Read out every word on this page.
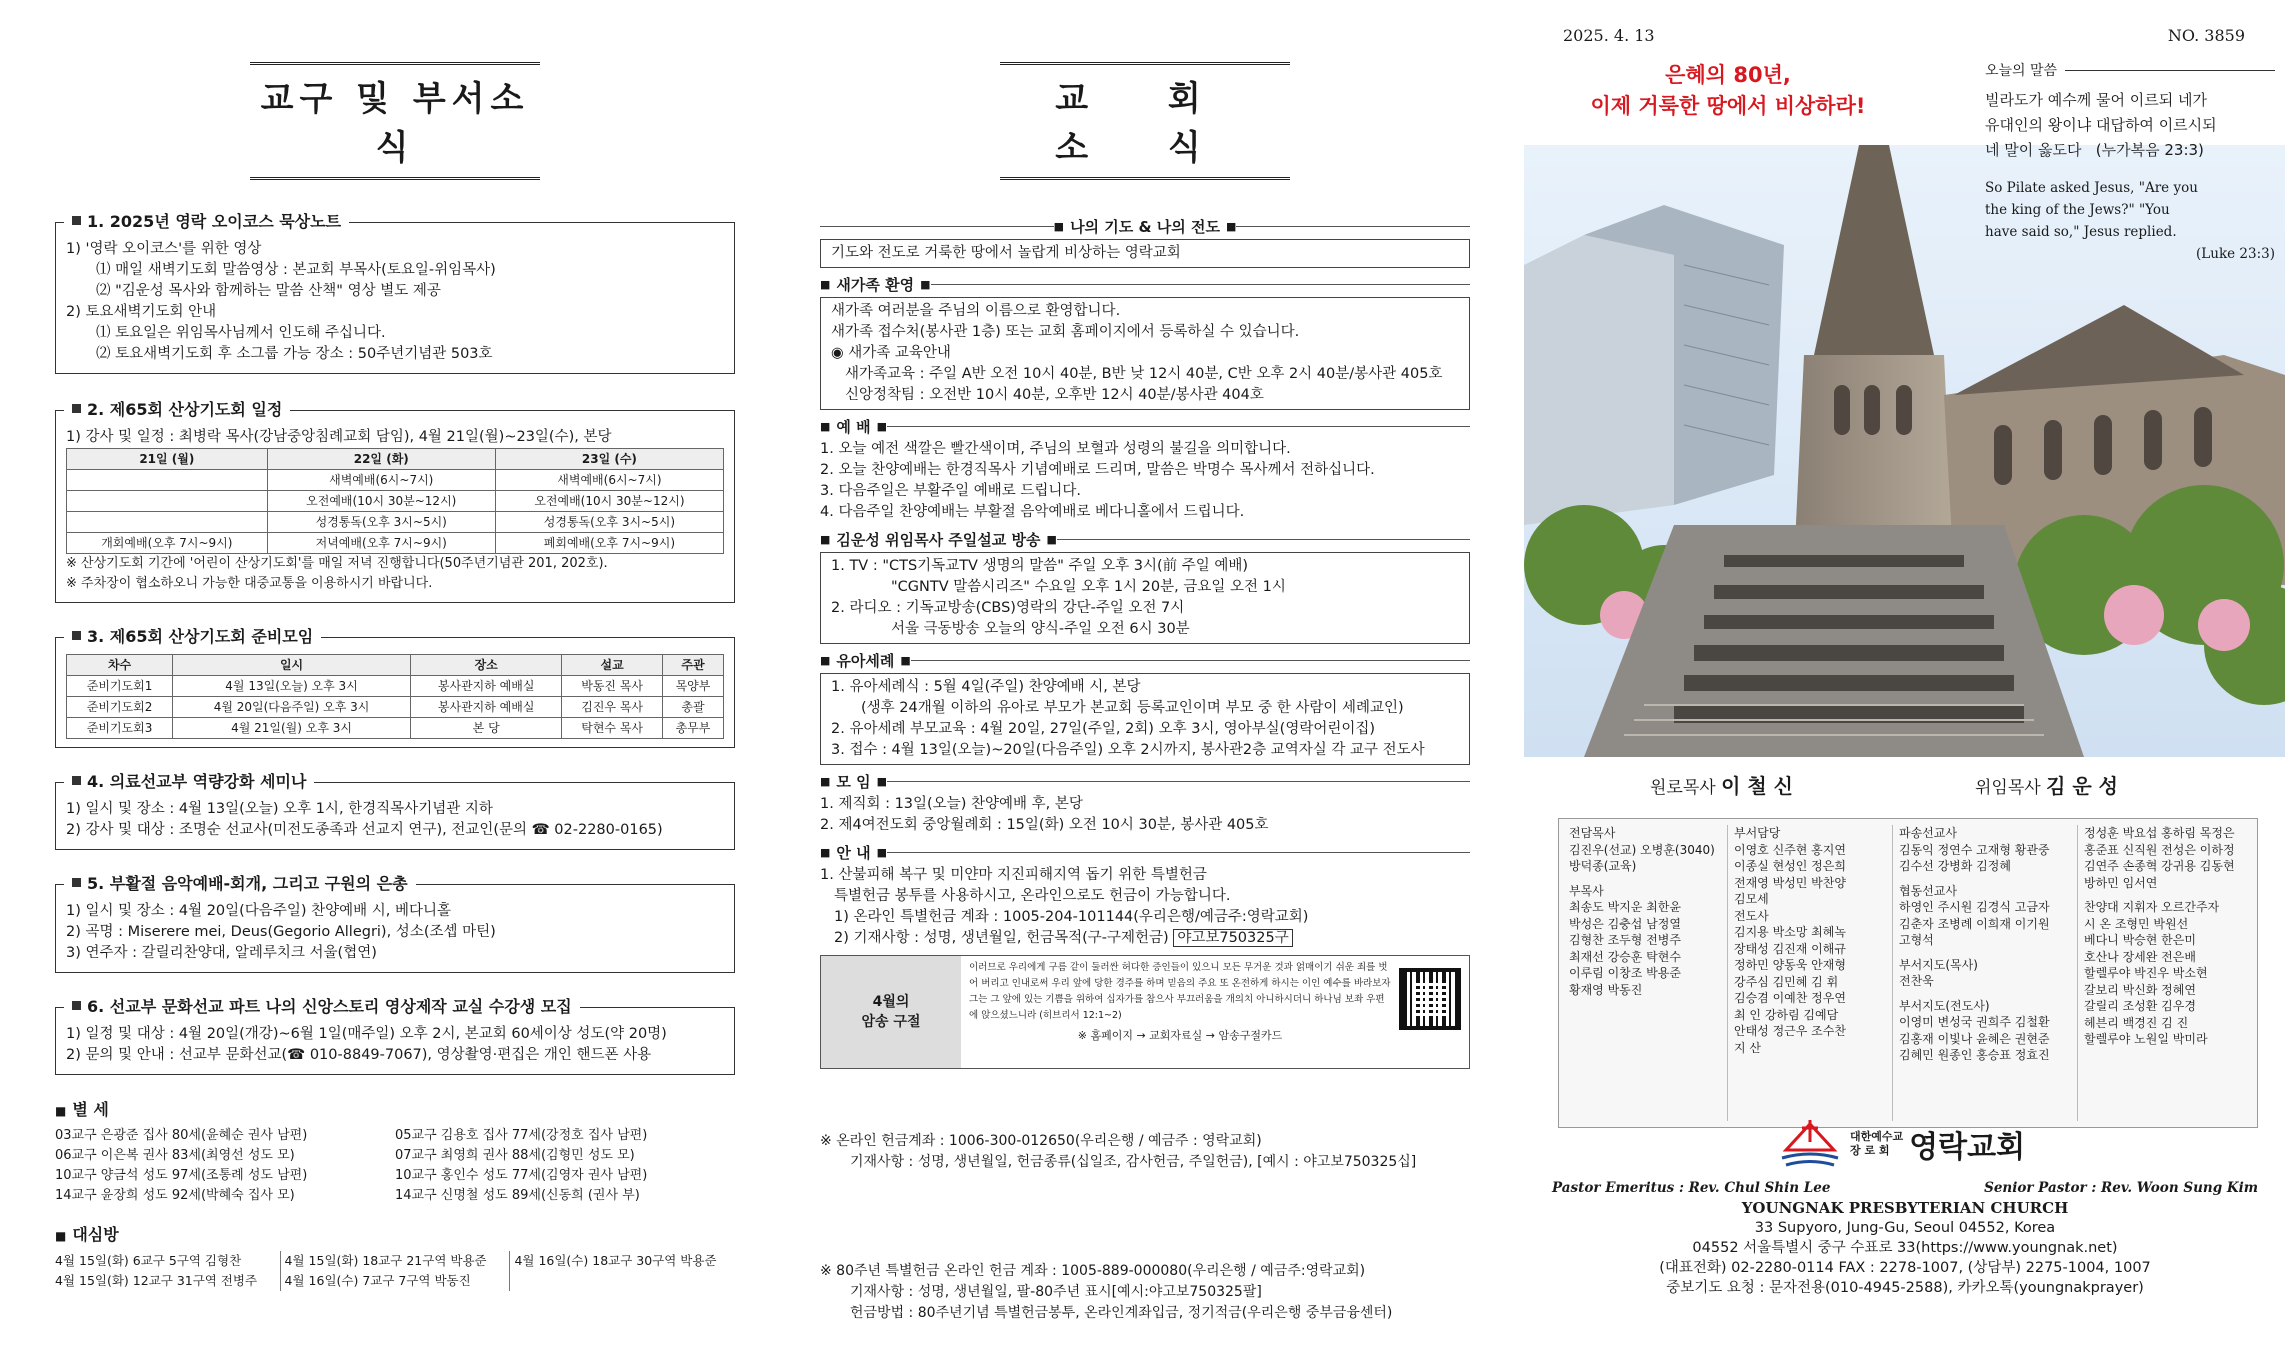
교구 및 부서소식
1. 2025년 영락 오이코스 묵상노트
1) '영락 오이코스'를 위한 영상
⑴ 매일 새벽기도회 말씀영상 : 본교회 부목사(토요일-위임목사)
⑵ "김운성 목사와 함께하는 말씀 산책" 영상 별도 제공
2) 토요새벽기도회 안내
⑴ 토요일은 위임목사님께서 인도해 주십니다.
⑵ 토요새벽기도회 후 소그룹 가능 장소 : 50주년기념관 503호
2. 제65회 산상기도회 일정
1) 강사 및 일정 : 최병락 목사(강남중앙침례교회 담임), 4월 21일(월)~23일(수), 본당
21일 (월)	22일 (화)	23일 (수)
	새벽예배(6시~7시)	새벽예배(6시~7시)
	오전예배(10시 30분~12시)	오전예배(10시 30분~12시)
	성경통독(오후 3시~5시)	성경통독(오후 3시~5시)
개회예배(오후 7시~9시)	저녁예배(오후 7시~9시)	폐회예배(오후 7시~9시)
※ 산상기도회 기간에 '어린이 산상기도회'를 매일 저녁 진행합니다(50주년기념관 201, 202호).
※ 주차장이 협소하오니 가능한 대중교통을 이용하시기 바랍니다.
3. 제65회 산상기도회 준비모임
차수	일시	장소	설교	주관
준비기도회1	4월 13일(오늘) 오후 3시	봉사관지하 예배실	박동진 목사	목양부
준비기도회2	4월 20일(다음주일) 오후 3시	봉사관지하 예배실	김진우 목사	총괄
준비기도회3	4월 21일(월) 오후 3시	본 당	탁현수 목사	총무부
4. 의료선교부 역량강화 세미나
1) 일시 및 장소 : 4월 13일(오늘) 오후 1시, 한경직목사기념관 지하
2) 강사 및 대상 : 조명순 선교사(미전도종족과 선교지 연구), 전교인(문의 ☎ 02-2280-0165)
5. 부활절 음악예배-회개, 그리고 구원의 은총
1) 일시 및 장소 : 4월 20일(다음주일) 찬양예배 시, 베다니홀
2) 곡명 : Miserere mei, Deus(Gegorio Allegri), 성소(조셉 마틴)
3) 연주자 : 갈릴리찬양대, 알레루치크 서울(협연)
6. 선교부 문화선교 파트 나의 신앙스토리 영상제작 교실 수강생 모집
1) 일정 및 대상 : 4월 20일(개강)~6월 1일(매주일) 오후 2시, 본교회 60세이상 성도(약 20명)
2) 문의 및 안내 : 선교부 문화선교(☎ 010-8849-7067), 영상촬영·편집은 개인 핸드폰 사용
■ 별 세
03교구 은광준 집사 80세(윤혜순 권사 남편)
06교구 이은복 권사 83세(최영선 성도 모)
10교구 양금석 성도 97세(조통례 성도 남편)
14교구 윤장희 성도 92세(박혜숙 집사 모)
05교구 김용호 집사 77세(강정호 집사 남편)
07교구 최영희 권사 88세(김형민 성도 모)
10교구 홍인수 성도 77세(김영자 권사 남편)
14교구 신명철 성도 89세(신동희 (권사 부)
■ 대심방
4월 15일(화) 6교구 5구역 김형찬	4월 15일(화) 18교구 21구역 박용준	4월 16일(수) 18교구 30구역 박용준
4월 15일(화) 12교구 31구역 전병주	4월 16일(수) 7교구 7구역 박동진	
교 회 소 식
■ 나의 기도 & 나의 전도 ■
기도와 전도로 거룩한 땅에서 놀랍게 비상하는 영락교회
■ 새가족 환영 ■
새가족 여러분을 주님의 이름으로 환영합니다.
새가족 접수처(봉사관 1층) 또는 교회 홈페이지에서 등록하실 수 있습니다.
◉ 새가족 교육안내
새가족교육 : 주일 A반 오전 10시 40분, B반 낮 12시 40분, C반 오후 2시 40분/봉사관 405호
신앙정착팀 : 오전반 10시 40분, 오후반 12시 40분/봉사관 404호
■ 예 배 ■
1. 오늘 예전 색깔은 빨간색이며, 주님의 보혈과 성령의 불길을 의미합니다.
2. 오늘 찬양예배는 한경직목사 기념예배로 드리며, 말씀은 박명수 목사께서 전하십니다.
3. 다음주일은 부활주일 예배로 드립니다.
4. 다음주일 찬양예배는 부활절 음악예배로 베다니홀에서 드립니다.
■ 김운성 위임목사 주일설교 방송 ■
1. TV : "CTS기독교TV 생명의 말씀" 주일 오후 3시(前 주일 예배)
"CGNTV 말씀시리즈" 수요일 오후 1시 20분, 금요일 오전 1시
2. 라디오 : 기독교방송(CBS)영락의 강단-주일 오전 7시
서울 극동방송 오늘의 양식-주일 오전 6시 30분
■ 유아세례 ■
1. 유아세례식 : 5월 4일(주일) 찬양예배 시, 본당
(생후 24개월 이하의 유아로 부모가 본교회 등록교인이며 부모 중 한 사람이 세례교인)
2. 유아세례 부모교육 : 4월 20일, 27일(주일, 2회) 오후 3시, 영아부실(영락어린이집)
3. 접수 : 4월 13일(오늘)~20일(다음주일) 오후 2시까지, 봉사관2층 교역자실 각 교구 전도사
■ 모 임 ■
1. 제직회 : 13일(오늘) 찬양예배 후, 본당
2. 제4여전도회 중앙월례회 : 15일(화) 오전 10시 30분, 봉사관 405호
■ 안 내 ■
1. 산불피해 복구 및 미얀마 지진피해지역 돕기 위한 특별헌금
특별헌금 봉투를 사용하시고, 온라인으로도 헌금이 가능합니다.
1) 온라인 특별헌금 계좌 : 1005-204-101144(우리은행/예금주:영락교회)
2) 기재사항 : 성명, 생년월일, 헌금목적(구-구제헌금) 야고보750325구
4월의
암송 구절
이러므로 우리에게 구름 같이 둘러싼 허다한 증인들이 있으니 모든 무거운 것과 얽매이기 쉬운 죄를 벗어 버리고 인내로써 우리 앞에 당한 경주를 하며 믿음의 주요 또 온전하게 하시는 이인 예수를 바라보자 그는 그 앞에 있는 기쁨을 위하여 십자가를 참으사 부끄러움을 개의치 아니하시더니 하나님 보좌 우편에 앉으셨느니라 (히브리서 12:1~2)
※ 홈페이지 → 교회자료실 → 암송구절카드
※ 온라인 헌금계좌 : 1006-300-012650(우리은행 / 예금주 : 영락교회)
기재사항 : 성명, 생년월일, 헌금종류(십일조, 감사헌금, 주일헌금), [예시 : 야고보750325십]
※ 80주년 특별헌금 온라인 헌금 계좌 : 1005-889-000080(우리은행 / 예금주:영락교회)
기재사항 : 성명, 생년월일, 팔-80주년 표시[예시:야고보750325팔]
헌금방법 : 80주년기념 특별헌금봉투, 온라인계좌입금, 정기적금(우리은행 중부금융센터)
2025. 4. 13	NO. 3859
은혜의 80년,
이제 거룩한 땅에서 비상하라!
오늘의 말씀
빌라도가 예수께 물어 이르되 네가
유대인의 왕이냐 대답하여 이르시되
네 말이 옳도다 (누가복음 23:3)
So Pilate asked Jesus, "Are you
the king of the Jews?" "You
have said so," Jesus replied.
(Luke 23:3)
원로목사 이 철 신	위임목사 김 운 성
전담목사
김진우(선교) 오병훈(3040)
방덕종(교육)
부목사
최송도 박지운 최한윤
박성은 김충섭 남정열
김형찬 조두형 전병주
최재선 강승훈 탁현수
이루림 이창조 박용준
황재영 박동진
부서담당
이영호 신주현 홍지연
이종실 현성인 정은희
전재영 박성민 박찬양
김모세
전도사
김지용 박소망 최혜녹
장태성 김진재 이해규
정하민 양동욱 안재형
강주심 김민혜 김 휘
김승겸 이예찬 정우연
최 인 강하림 김예담
안태성 정근우 조수찬
지 산
파송선교사
김동익 정연수 고재형 황관중
김수선 강병화 김정혜
협동선교사
하영인 주시원 김경식 고금자
김춘자 조병례 이희재 이기원
고형석
부서지도(목사)
전찬욱
부서지도(전도사)
이영미 변성국 권희주 김철환
김홍재 이빛나 윤혜은 권현준
김혜민 원종인 홍승표 정효진
정성훈 박요섭 홍하림 목정은
홍준표 신직원 전성은 이하정
김연주 손종혁 강귀용 김동현
방하민 임서연
찬양대 지휘자 오르간주자
시 온 조형민 박원선
베다니 박승현 한은미
호산나 장세완 전은배
할렐루야 박진우 박소현
갈보리 박신화 정혜연
갈릴리 조성환 김우경
헤븐리 백경진 김 진
할렐루야 노원일 박미라
대한예수교
장 로 회 영락교회
Pastor Emeritus : Rev. Chul Shin Lee	Senior Pastor : Rev. Woon Sung Kim
YOUNGNAK PRESBYTERIAN CHURCH
33 Supyoro, Jung-Gu, Seoul 04552, Korea
04552 서울특별시 중구 수표로 33(https://www.youngnak.net)
(대표전화) 02-2280-0114 FAX : 2278-1007, (상담부) 2275-1004, 1007
중보기도 요청 : 문자전용(010-4945-2588), 카카오톡(youngnakprayer)
